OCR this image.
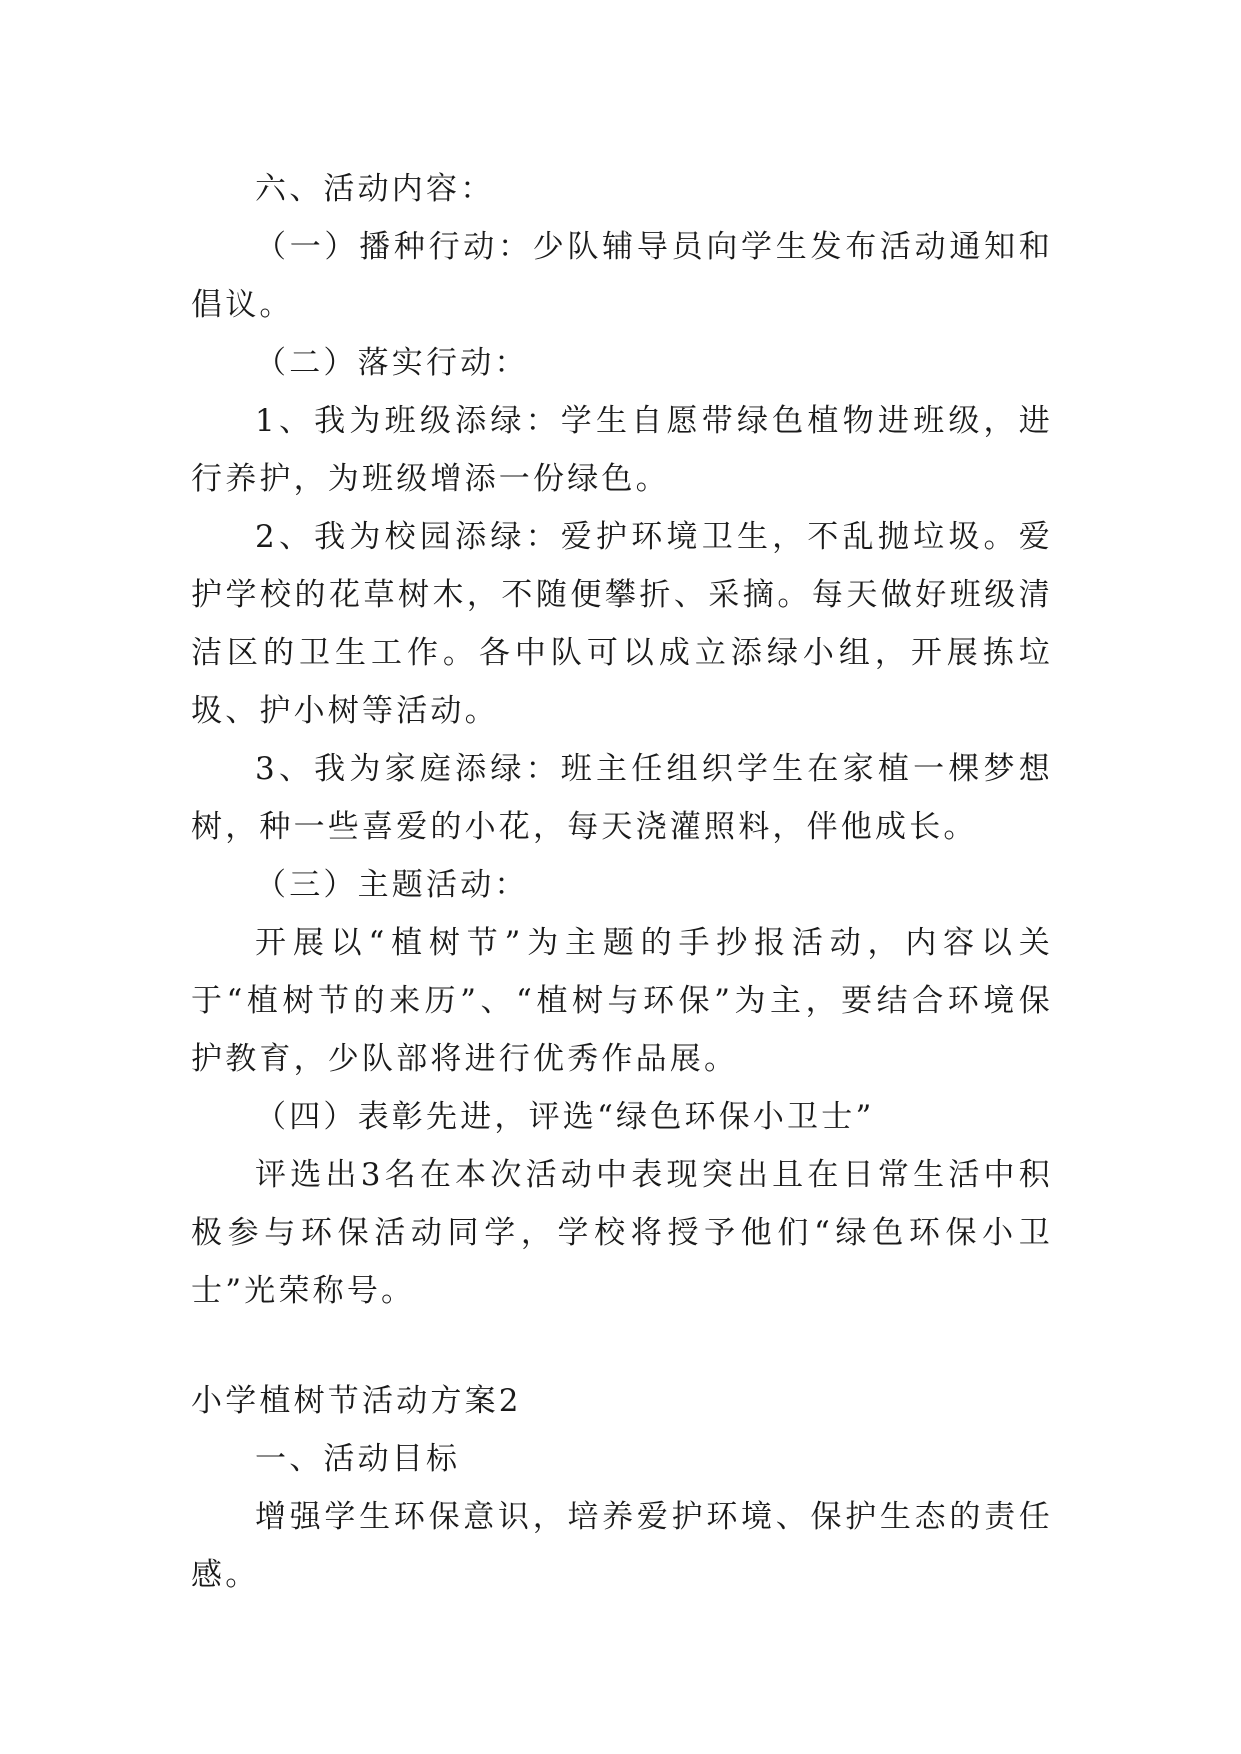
六、活动内容：

（一）播种行动：少队辅导员向学生发布活动通知和倡议。

（二）落实行动：

1、我为班级添绿：学生自愿带绿色植物进班级，进行养护，为班级增添一份绿色。

2、我为校园添绿：爱护环境卫生，不乱抛垃圾。爱护学校的花草树木，不随便攀折、采摘。每天做好班级清洁区的卫生工作。各中队可以成立添绿小组，开展拣垃圾、护小树等活动。

3、我为家庭添绿：班主任组织学生在家植一棵梦想树，种一些喜爱的小花，每天浇灌照料，伴他成长。

（三）主题活动：

开展以“植树节”为主题的手抄报活动，内容以关于“植树节的来历”、“植树与环保”为主，要结合环境保护教育，少队部将进行优秀作品展。

（四）表彰先进，评选“绿色环保小卫士”

评选出3名在本次活动中表现突出且在日常生活中积极参与环保活动同学，学校将授予他们“绿色环保小卫士”光荣称号。

小学植树节活动方案2

一、活动目标

增强学生环保意识，培养爱护环境、保护生态的责任感。
